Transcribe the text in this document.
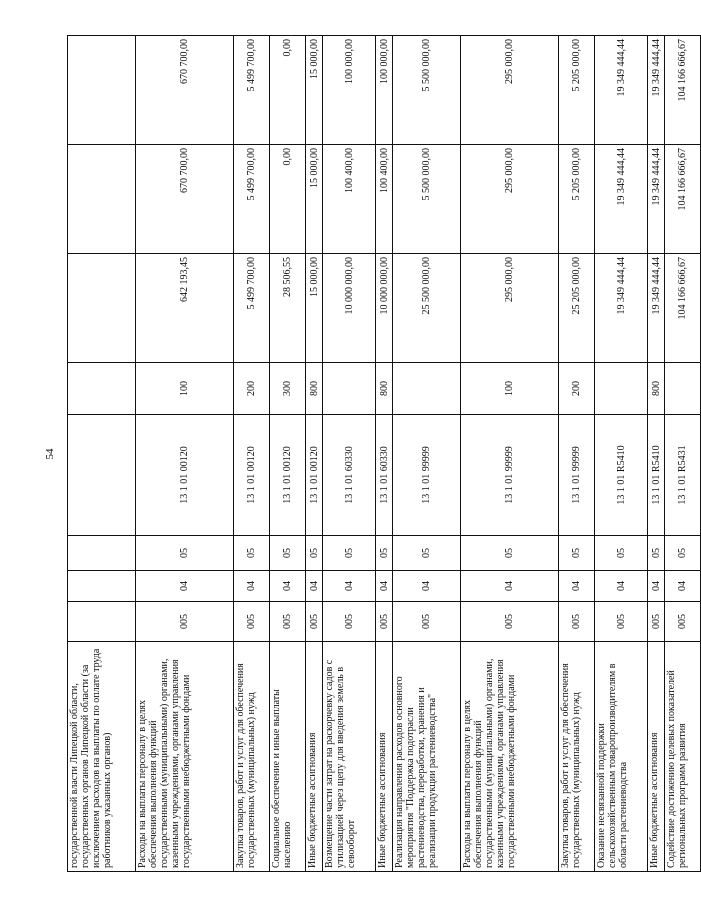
54
государственной власти Липецкой области, государственных органов Липецкой области (за исключением расходов на выплаты по оплате труда работников указанных органов)								
Расходы на выплаты персоналу в целях обеспечения выполнения функций государственными (муниципальными) органами, казенными учреждениями, органами управления государственными внебюджетными фондами	005	04	05	13 1 01 00120	100	642 193,45	670 700,00	670 700,00
Закупка товаров, работ и услуг для обеспечения государственных (муниципальных) нужд	005	04	05	13 1 01 00120	200	5 499 700,00	5 499 700,00	5 499 700,00
Социальное обеспечение и иные выплаты населению	005	04	05	13 1 01 00120	300	28 506,55	0,00	0,00
Иные бюджетные ассигнования	005	04	05	13 1 01 00120	800	15 000,00	15 000,00	15 000,00
Возмещение части затрат на раскорчевку садов с утилизацией через щепу для введения земель в севооборот	005	04	05	13 1 01 60330		10 000 000,00	100 400,00	100 000,00
Иные бюджетные ассигнования	005	04	05	13 1 01 60330	800	10 000 000,00	100 400,00	100 000,00
Реализация направления расходов основного мероприятия "Поддержка подотрасли растениеводства, переработки, хранения и реализации продукции растениеводства"	005	04	05	13 1 01 99999		25 500 000,00	5 500 000,00	5 500 000,00
Расходы на выплаты персоналу в целях обеспечения выполнения функций государственными (муниципальными) органами, казенными учреждениями, органами управления государственными внебюджетными фондами	005	04	05	13 1 01 99999	100	295 000,00	295 000,00	295 000,00
Закупка товаров, работ и услуг для обеспечения государственных (муниципальных) нужд	005	04	05	13 1 01 99999	200	25 205 000,00	5 205 000,00	5 205 000,00
Оказание несвязанной поддержки сельскохозяйственным товаропроизводителям в области растениеводства	005	04	05	13 1 01 R5410		19 349 444,44	19 349 444,44	19 349 444,44
Иные бюджетные ассигнования	005	04	05	13 1 01 R5410	800	19 349 444,44	19 349 444,44	19 349 444,44
Содействие достижению целевых показателей региональных программ развития	005	04	05	13 1 01 R5431		104 166 666,67	104 166 666,67	104 166 666,67
